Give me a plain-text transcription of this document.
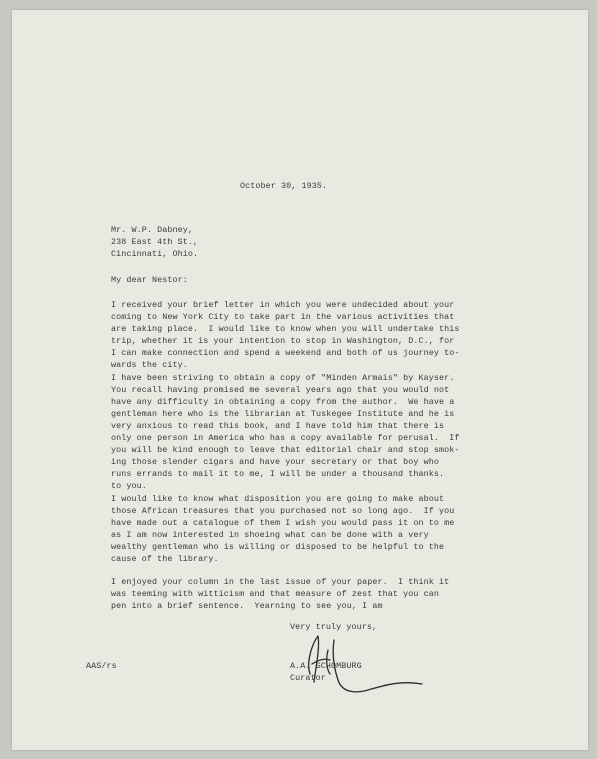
October 30, 1935.
Mr. W.P. Dabney,
238 East 4th St.,
Cincinnati, Ohio.
My dear Nestor:
I received your brief letter in which you were undecided about your
coming to New York City to take part in the various activities that
are taking place.  I would like to know when you will undertake this
trip, whether it is your intention to stop in Washington, D.C., for
I can make connection and spend a weekend and both of us journey to-
wards the city.
I have been striving to obtain a copy of "Minden Armais" by Kayser.
You recall having promised me several years ago that you would not
have any difficulty in obtaining a copy from the author.  We have a
gentleman here who is the librarian at Tuskegee Institute and he is
very anxious to read this book, and I have told him that there is
only one person in America who has a copy available for perusal.  If
you will be kind enough to leave that editorial chair and stop smok-
ing those slender cigars and have your secretary or that boy who
runs errands to mail it to me, I will be under a thousand thanks.
to you.
I would like to know what disposition you are going to make about
those African treasures that you purchased not so long ago.  If you
have made out a catalogue of them I wish you would pass it on to me
as I am now interested in shoeing what can be done with a very
wealthy gentleman who is willing or disposed to be helpful to the
cause of the library.
I enjoyed your column in the last issue of your paper.  I think it
was teeming with witticism and that measure of zest that you can
pen into a brief sentence.  Yearning to see you, I am
Very truly yours,
AAS/rs	A.A. SCHOMBURG
Curator
